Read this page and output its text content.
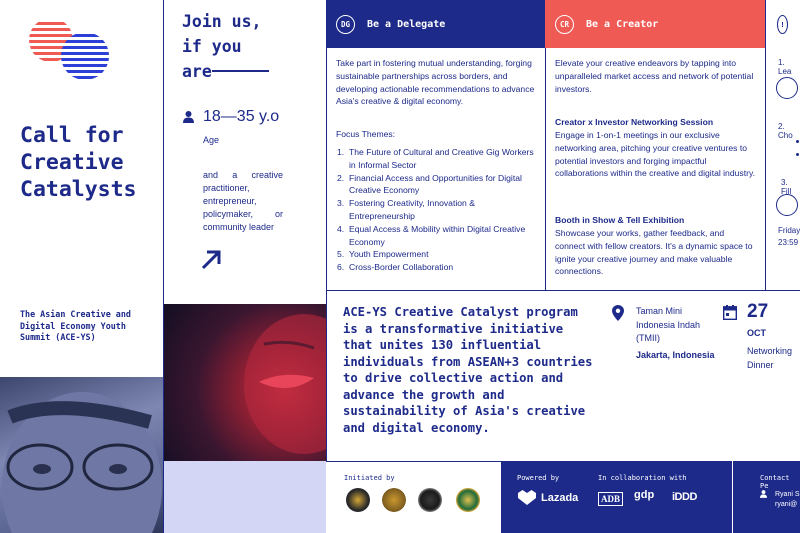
Call for Creative Catalysts
The Asian Creative and Digital Economy Youth Summit (ACE-YS)
Join us,
if you
are
18—35 y.o
Age
and a creative practitioner, entrepreneur, policymaker, or community leader
DG	Be a Delegate
Take part in fostering mutual understanding, forging sustainable partnerships across borders, and developing actionable recommendations to advance Asia's creative & digital economy.
Focus Themes:
1. The Future of Cultural and Creative Gig Workers in Informal Sector
2. Financial Access and Opportunities for Digital Creative Economy
3. Fostering Creativity, Innovation & Entrepreneurship
4. Equal Access & Mobility within Digital Creative Economy
5. Youth Empowerment
6. Cross-Border Collaboration
CR	Be a Creator
Elevate your creative endeavors by tapping into unparalleled market access and network of potential investors.
Creator x Investor Networking Session
Engage in 1-on-1 meetings in our exclusive networking area, pitching your creative ventures to potential investors and forging impactful collaborations within the creative and digital industry.
Booth in Show & Tell Exhibition
Showcase your works, gather feedback, and connect with fellow creators. It's a dynamic space to ignite your creative journey and make valuable connections.
!
1. Lea
2. Cho
3. Fill
Friday
23:59
ACE-YS Creative Catalyst program is a transformative initiative that unites 130 influential individuals from ASEAN+3 countries to drive collective action and advance the growth and sustainability of Asia's creative and digital economy.
Taman Mini Indonesia Indah (TMII)
Jakarta, Indonesia
27
OCT
Networking Dinner
Initiated by	Powered by
Lazada
In collaboration with
ADB gdp iDDD
Contact Pe
Ryani S
ryani@
